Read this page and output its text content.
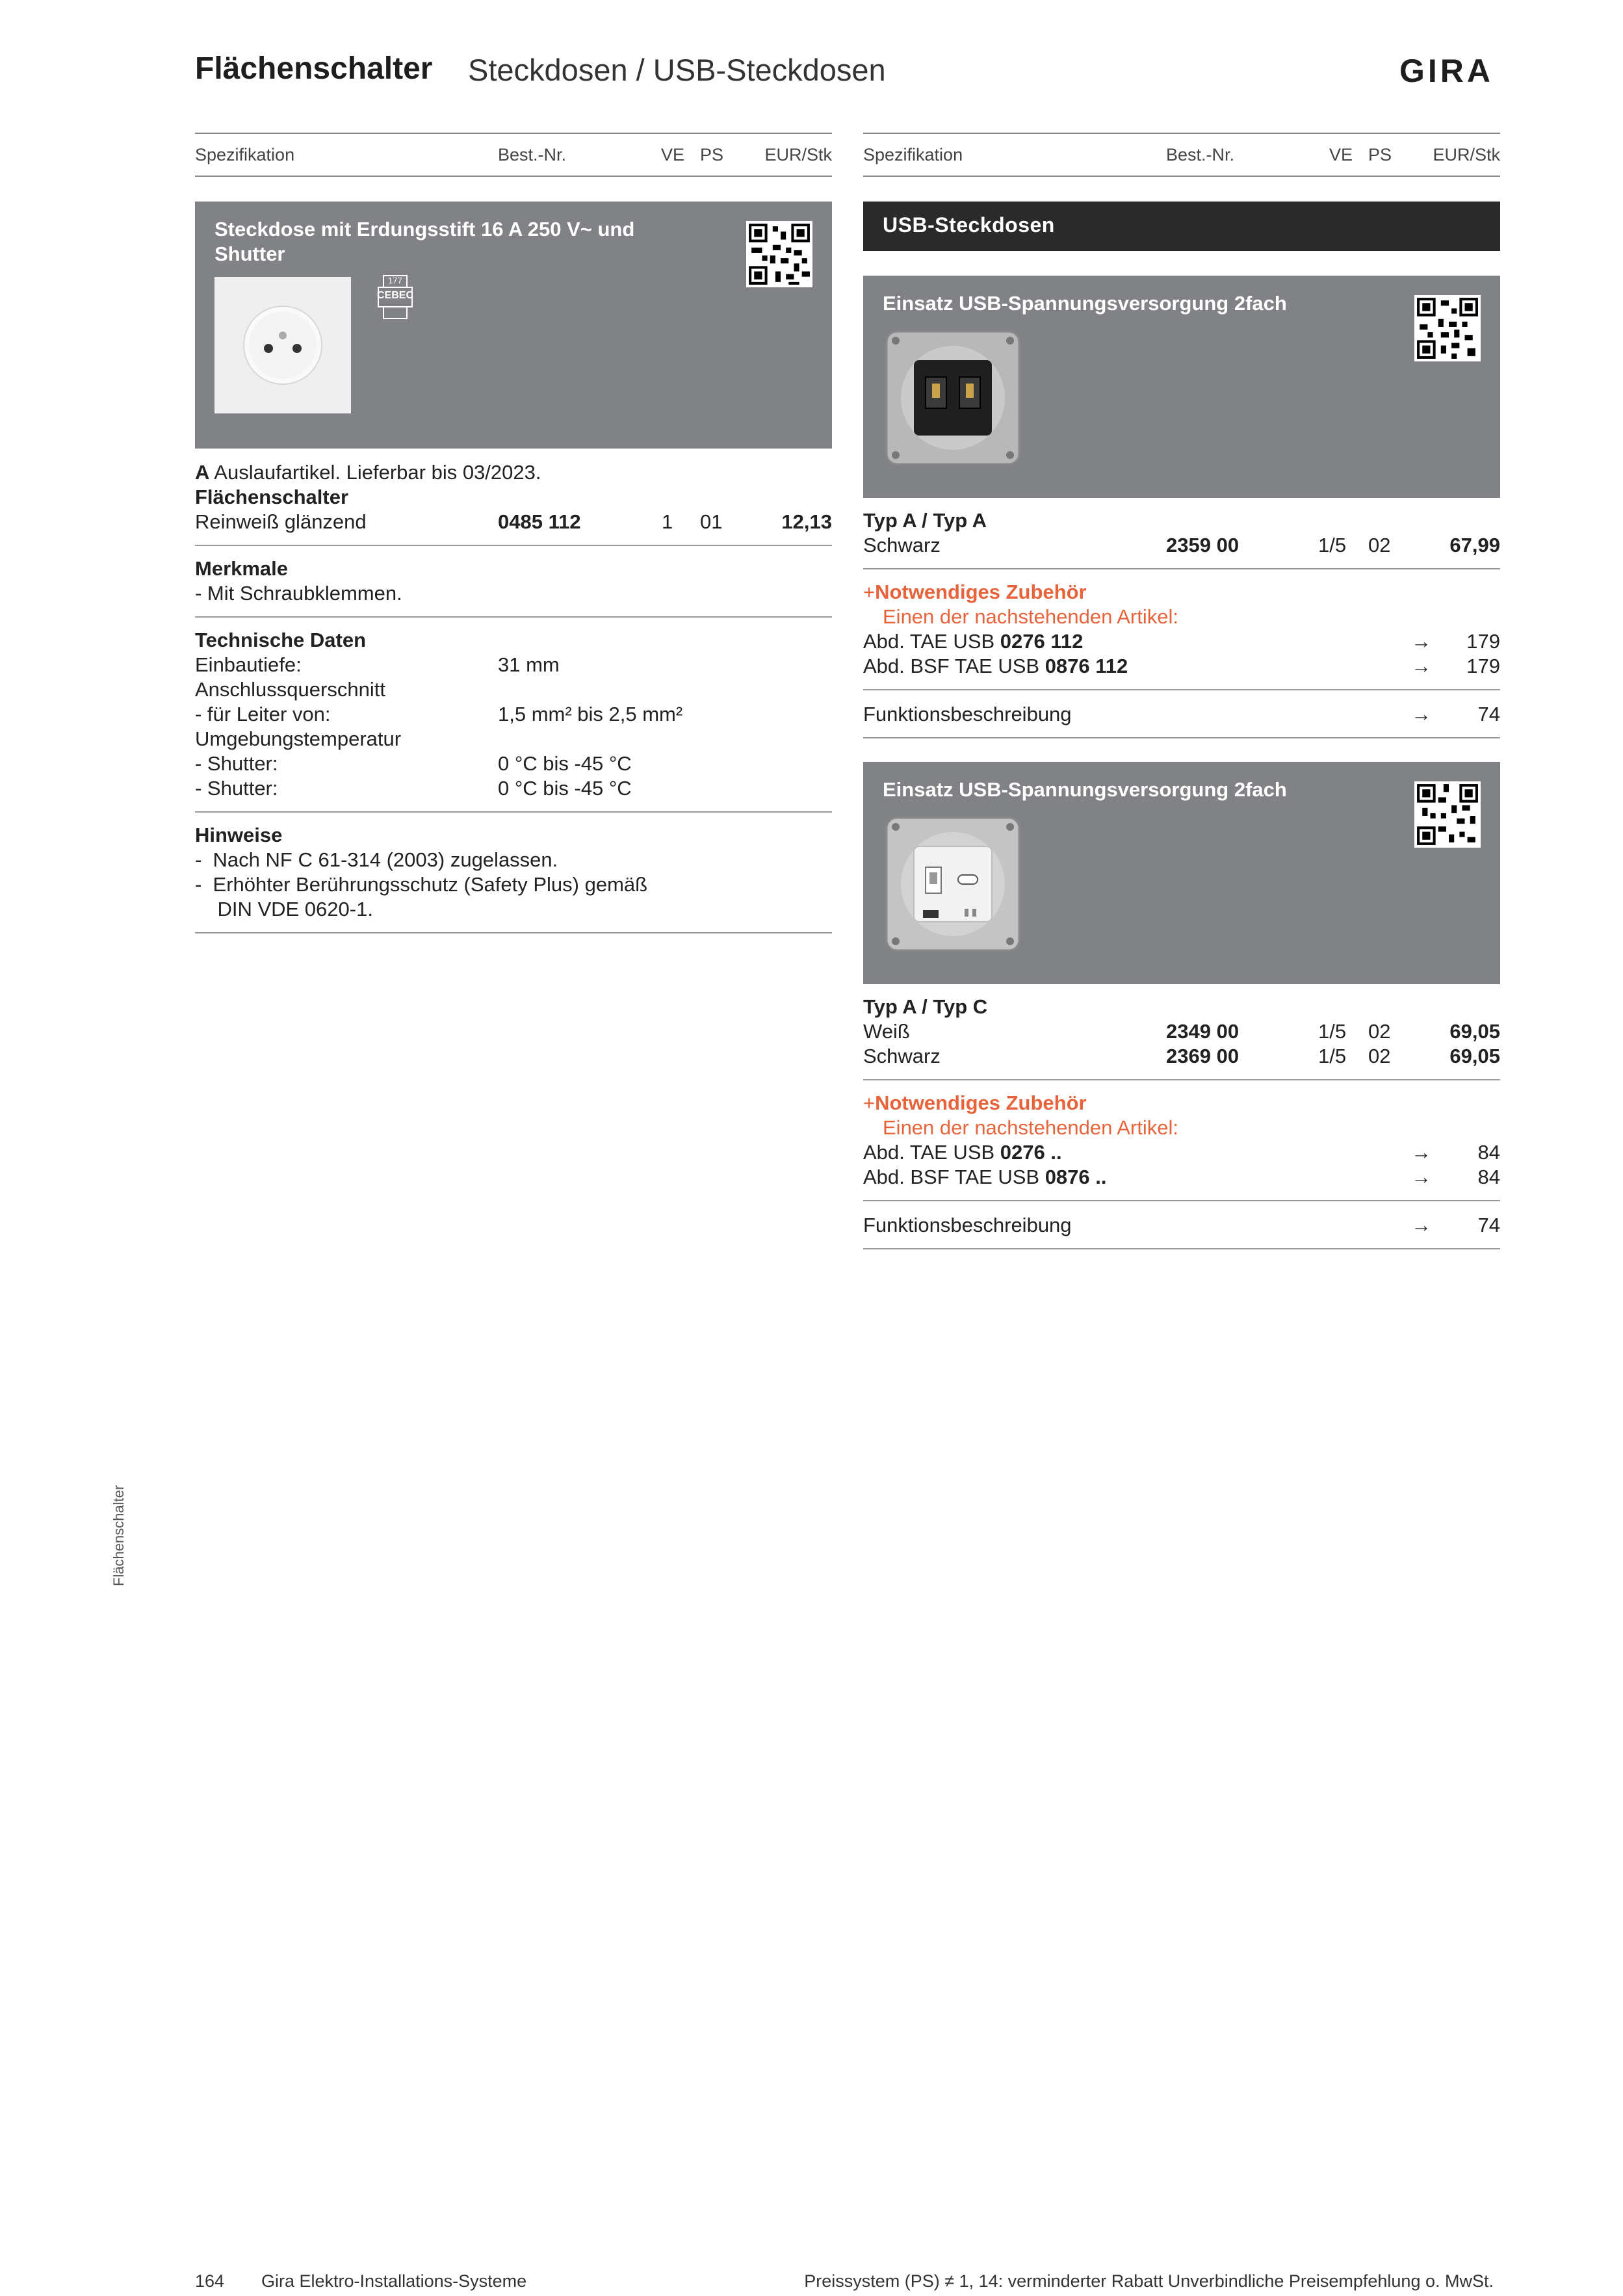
Flächenschalter Steckdosen / USB-Steckdosen	GIRA
Spezifikation	Best.-Nr.	VE PS EUR/Stk
Steckdose mit Erdungsstift 16 A 250 V~ und Shutter
177
CEBEC
A Auslaufartikel. Lieferbar bis 03/2023.
Flächenschalter
Reinweiß glänzend	0485 112	1 01	12,13
Merkmale
- Mit Schraubklemmen.
Technische Daten
Einbautiefe:	31 mm
Anschlussquerschnitt
- für Leiter von:	1,5 mm² bis 2,5 mm²
Umgebungstemperatur
- Shutter:	0 °C bis -45 °C
- Shutter:	0 °C bis -45 °C
Hinweise
-  Nach NF C 61-314 (2003) zugelassen.
-  Erhöhter Berührungsschutz (Safety Plus) gemäß
DIN VDE 0620-1.
Spezifikation	Best.-Nr.	VE PS EUR/Stk
USB-Steckdosen
Einsatz USB-Spannungsversorgung 2fach
Typ A / Typ A
Schwarz	2359 00	1/5 02	67,99
+Notwendiges Zubehör
Einen der nachstehenden Artikel:
Abd. TAE USB 0276 112	→ 179
Abd. BSF TAE USB 0876 112	→ 179
Funktionsbeschreibung	→ 74
Einsatz USB-Spannungsversorgung 2fach
Typ A / Typ C
Weiß	2349 00	1/5 02	69,05
Schwarz	2369 00	1/5 02	69,05
+Notwendiges Zubehör
Einen der nachstehenden Artikel:
Abd. TAE USB 0276 ..	→ 84
Abd. BSF TAE USB 0876 ..	→ 84
Funktionsbeschreibung	→ 74
Flächenschalter
164 Gira Elektro-Installations-Systeme	Preissystem (PS) ≠ 1, 14: verminderter Rabatt Unverbindliche Preisempfehlung o. MwSt.
